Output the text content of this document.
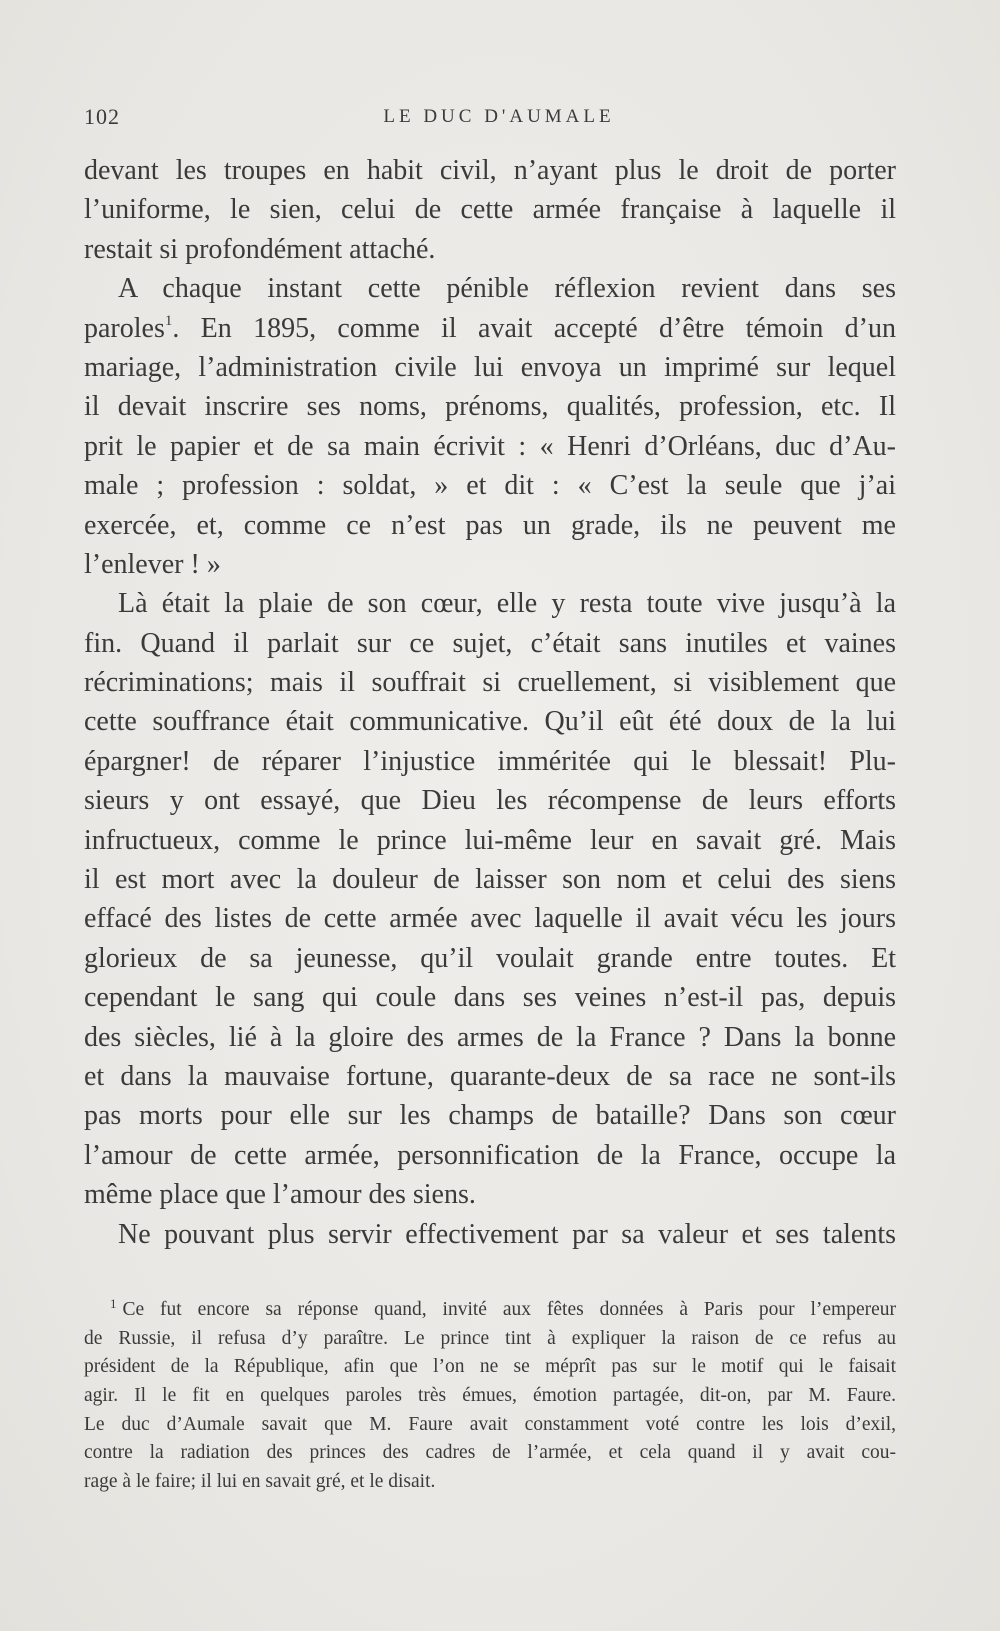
102	LE DUC D'AUMALE
devant les troupes en habit civil, n’ayant plus le droit de porter
l’uniforme, le sien, celui de cette armée française à laquelle il
restait si profondément attaché.
A chaque instant cette pénible réflexion revient dans ses
paroles$^1$. En 1895, comme il avait accepté d’être témoin d’un
mariage, l’administration civile lui envoya un imprimé sur lequel
il devait inscrire ses noms, prénoms, qualités, profession, etc. Il
prit le papier et de sa main écrivit : « Henri d’Orléans, duc d’Au-
male ; profession : soldat, » et dit : « C’est la seule que j’ai
exercée, et, comme ce n’est pas un grade, ils ne peuvent me
l’enlever ! »
Là était la plaie de son cœur, elle y resta toute vive jusqu’à la
fin. Quand il parlait sur ce sujet, c’était sans inutiles et vaines
récriminations; mais il souffrait si cruellement, si visiblement que
cette souffrance était communicative. Qu’il eût été doux de la lui
épargner! de réparer l’injustice imméritée qui le blessait! Plu-
sieurs y ont essayé, que Dieu les récompense de leurs efforts
infructueux, comme le prince lui-même leur en savait gré. Mais
il est mort avec la douleur de laisser son nom et celui des siens
effacé des listes de cette armée avec laquelle il avait vécu les jours
glorieux de sa jeunesse, qu’il voulait grande entre toutes. Et
cependant le sang qui coule dans ses veines n’est-il pas, depuis
des siècles, lié à la gloire des armes de la France ? Dans la bonne
et dans la mauvaise fortune, quarante-deux de sa race ne sont-ils
pas morts pour elle sur les champs de bataille? Dans son cœur
l’amour de cette armée, personnification de la France, occupe la
même place que l’amour des siens.
Ne pouvant plus servir effectivement par sa valeur et ses talents
$^1$ Ce fut encore sa réponse quand, invité aux fêtes données à Paris pour l’empereur
de Russie, il refusa d’y paraître. Le prince tint à expliquer la raison de ce refus au
président de la République, afin que l’on ne se méprît pas sur le motif qui le faisait
agir. Il le fit en quelques paroles très émues, émotion partagée, dit-on, par M. Faure.
Le duc d’Aumale savait que M. Faure avait constamment voté contre les lois d’exil,
contre la radiation des princes des cadres de l’armée, et cela quand il y avait cou-
rage à le faire; il lui en savait gré, et le disait.
